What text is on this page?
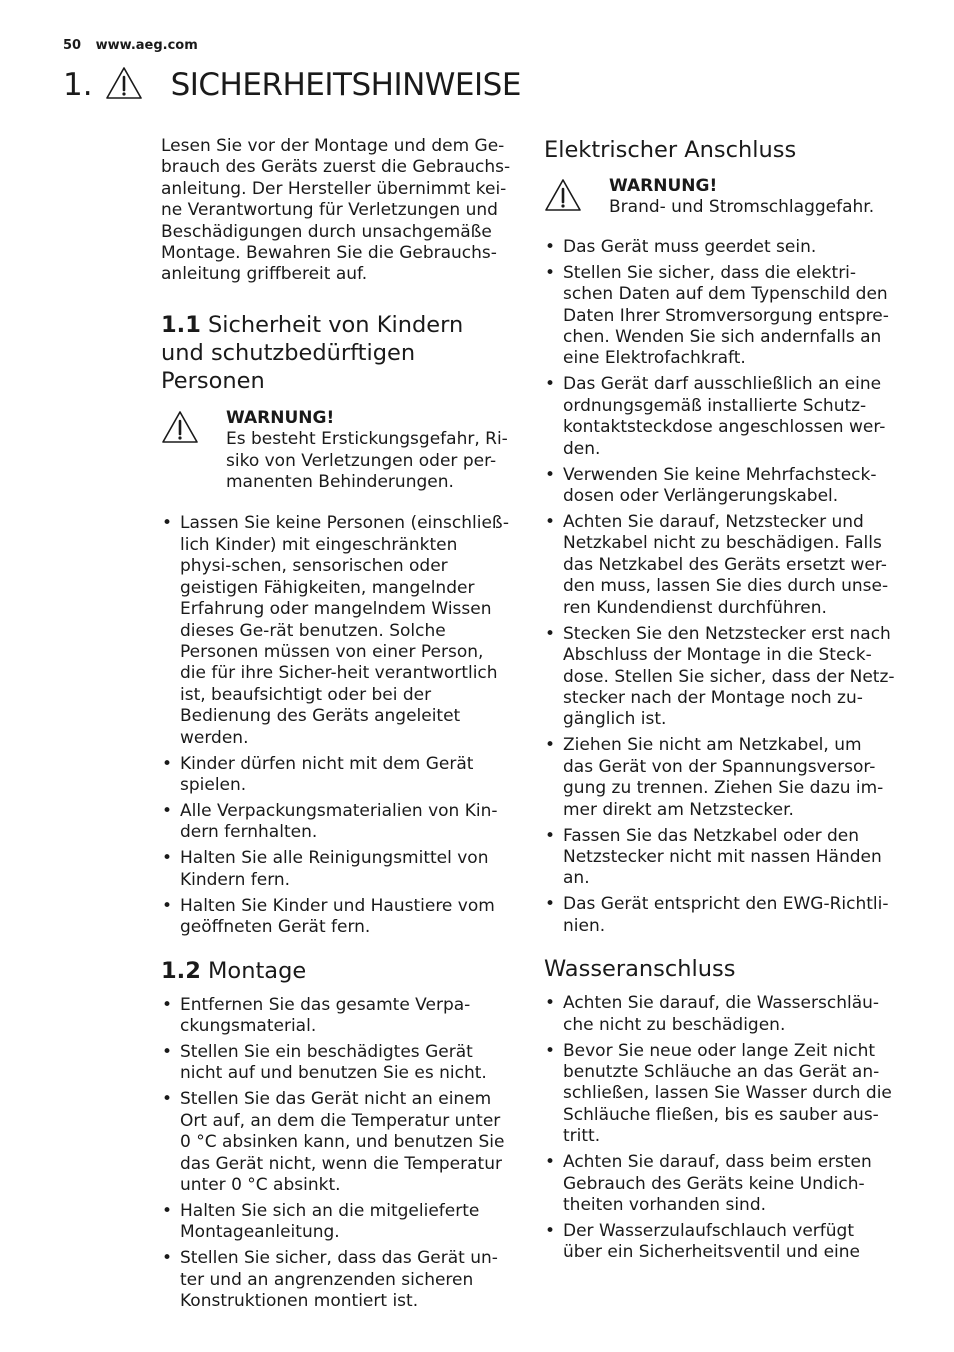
50 www.aeg.com
1.	SICHERHEITSHINWEISE

Lesen Sie vor der Montage und dem Ge-brauch des Geräts zuerst die Gebrauchs-anleitung. Der Hersteller übernimmt kei-ne Verantwortung für Verletzungen und Beschädigungen durch unsachgemäße Montage. Bewahren Sie die Gebrauchs-anleitung griffbereit auf.

1.1 Sicherheit von Kindern und schutzbedürftigen Personen
WARNUNG!
Es besteht Erstickungsgefahr, Ri-siko von Verletzungen oder per-manenten Behinderungen.
• Lassen Sie keine Personen (einschließ-lich Kinder) mit eingeschränkten physi-schen, sensorischen oder geistigen Fähigkeiten, mangelnder Erfahrung oder mangelndem Wissen dieses Ge-rät benutzen. Solche Personen müssen von einer Person, die für ihre Sicher-heit verantwortlich ist, beaufsichtigt oder bei der Bedienung des Geräts angeleitet werden.
• Kinder dürfen nicht mit dem Gerät spielen.
• Alle Verpackungsmaterialien von Kin-dern fernhalten.
• Halten Sie alle Reinigungsmittel von Kindern fern.
• Halten Sie Kinder und Haustiere vom geöffneten Gerät fern.
1.2 Montage
• Entfernen Sie das gesamte Verpa-ckungsmaterial.
• Stellen Sie ein beschädigtes Gerät nicht auf und benutzen Sie es nicht.
• Stellen Sie das Gerät nicht an einem Ort auf, an dem die Temperatur unter 0 °C absinken kann, und benutzen Sie das Gerät nicht, wenn die Temperatur unter 0 °C absinkt.
• Halten Sie sich an die mitgelieferte Montageanleitung.
• Stellen Sie sicher, dass das Gerät un-ter und an angrenzenden sicheren Konstruktionen montiert ist.
Elektrischer Anschluss
WARNUNG!
Brand- und Stromschlaggefahr.
• Das Gerät muss geerdet sein.
• Stellen Sie sicher, dass die elektri-schen Daten auf dem Typenschild den Daten Ihrer Stromversorgung entspre-chen. Wenden Sie sich andernfalls an eine Elektrofachkraft.
• Das Gerät darf ausschließlich an eine ordnungsgemäß installierte Schutz-kontaktsteckdose angeschlossen wer-den.
• Verwenden Sie keine Mehrfachsteck-dosen oder Verlängerungskabel.
• Achten Sie darauf, Netzstecker und Netzkabel nicht zu beschädigen. Falls das Netzkabel des Geräts ersetzt wer-den muss, lassen Sie dies durch unse-ren Kundendienst durchführen.
• Stecken Sie den Netzstecker erst nach Abschluss der Montage in die Steck-dose. Stellen Sie sicher, dass der Netz-stecker nach der Montage noch zu-gänglich ist.
• Ziehen Sie nicht am Netzkabel, um das Gerät von der Spannungsversor-gung zu trennen. Ziehen Sie dazu im-mer direkt am Netzstecker.
• Fassen Sie das Netzkabel oder den Netzstecker nicht mit nassen Händen an.
• Das Gerät entspricht den EWG-Richtli-nien.
Wasseranschluss
• Achten Sie darauf, die Wasserschläu-che nicht zu beschädigen.
• Bevor Sie neue oder lange Zeit nicht benutzte Schläuche an das Gerät an-schließen, lassen Sie Wasser durch die Schläuche fließen, bis es sauber aus-tritt.
• Achten Sie darauf, dass beim ersten Gebrauch des Geräts keine Undich-theiten vorhanden sind.
• Der Wasserzulaufschlauch verfügt über ein Sicherheitsventil und eine
